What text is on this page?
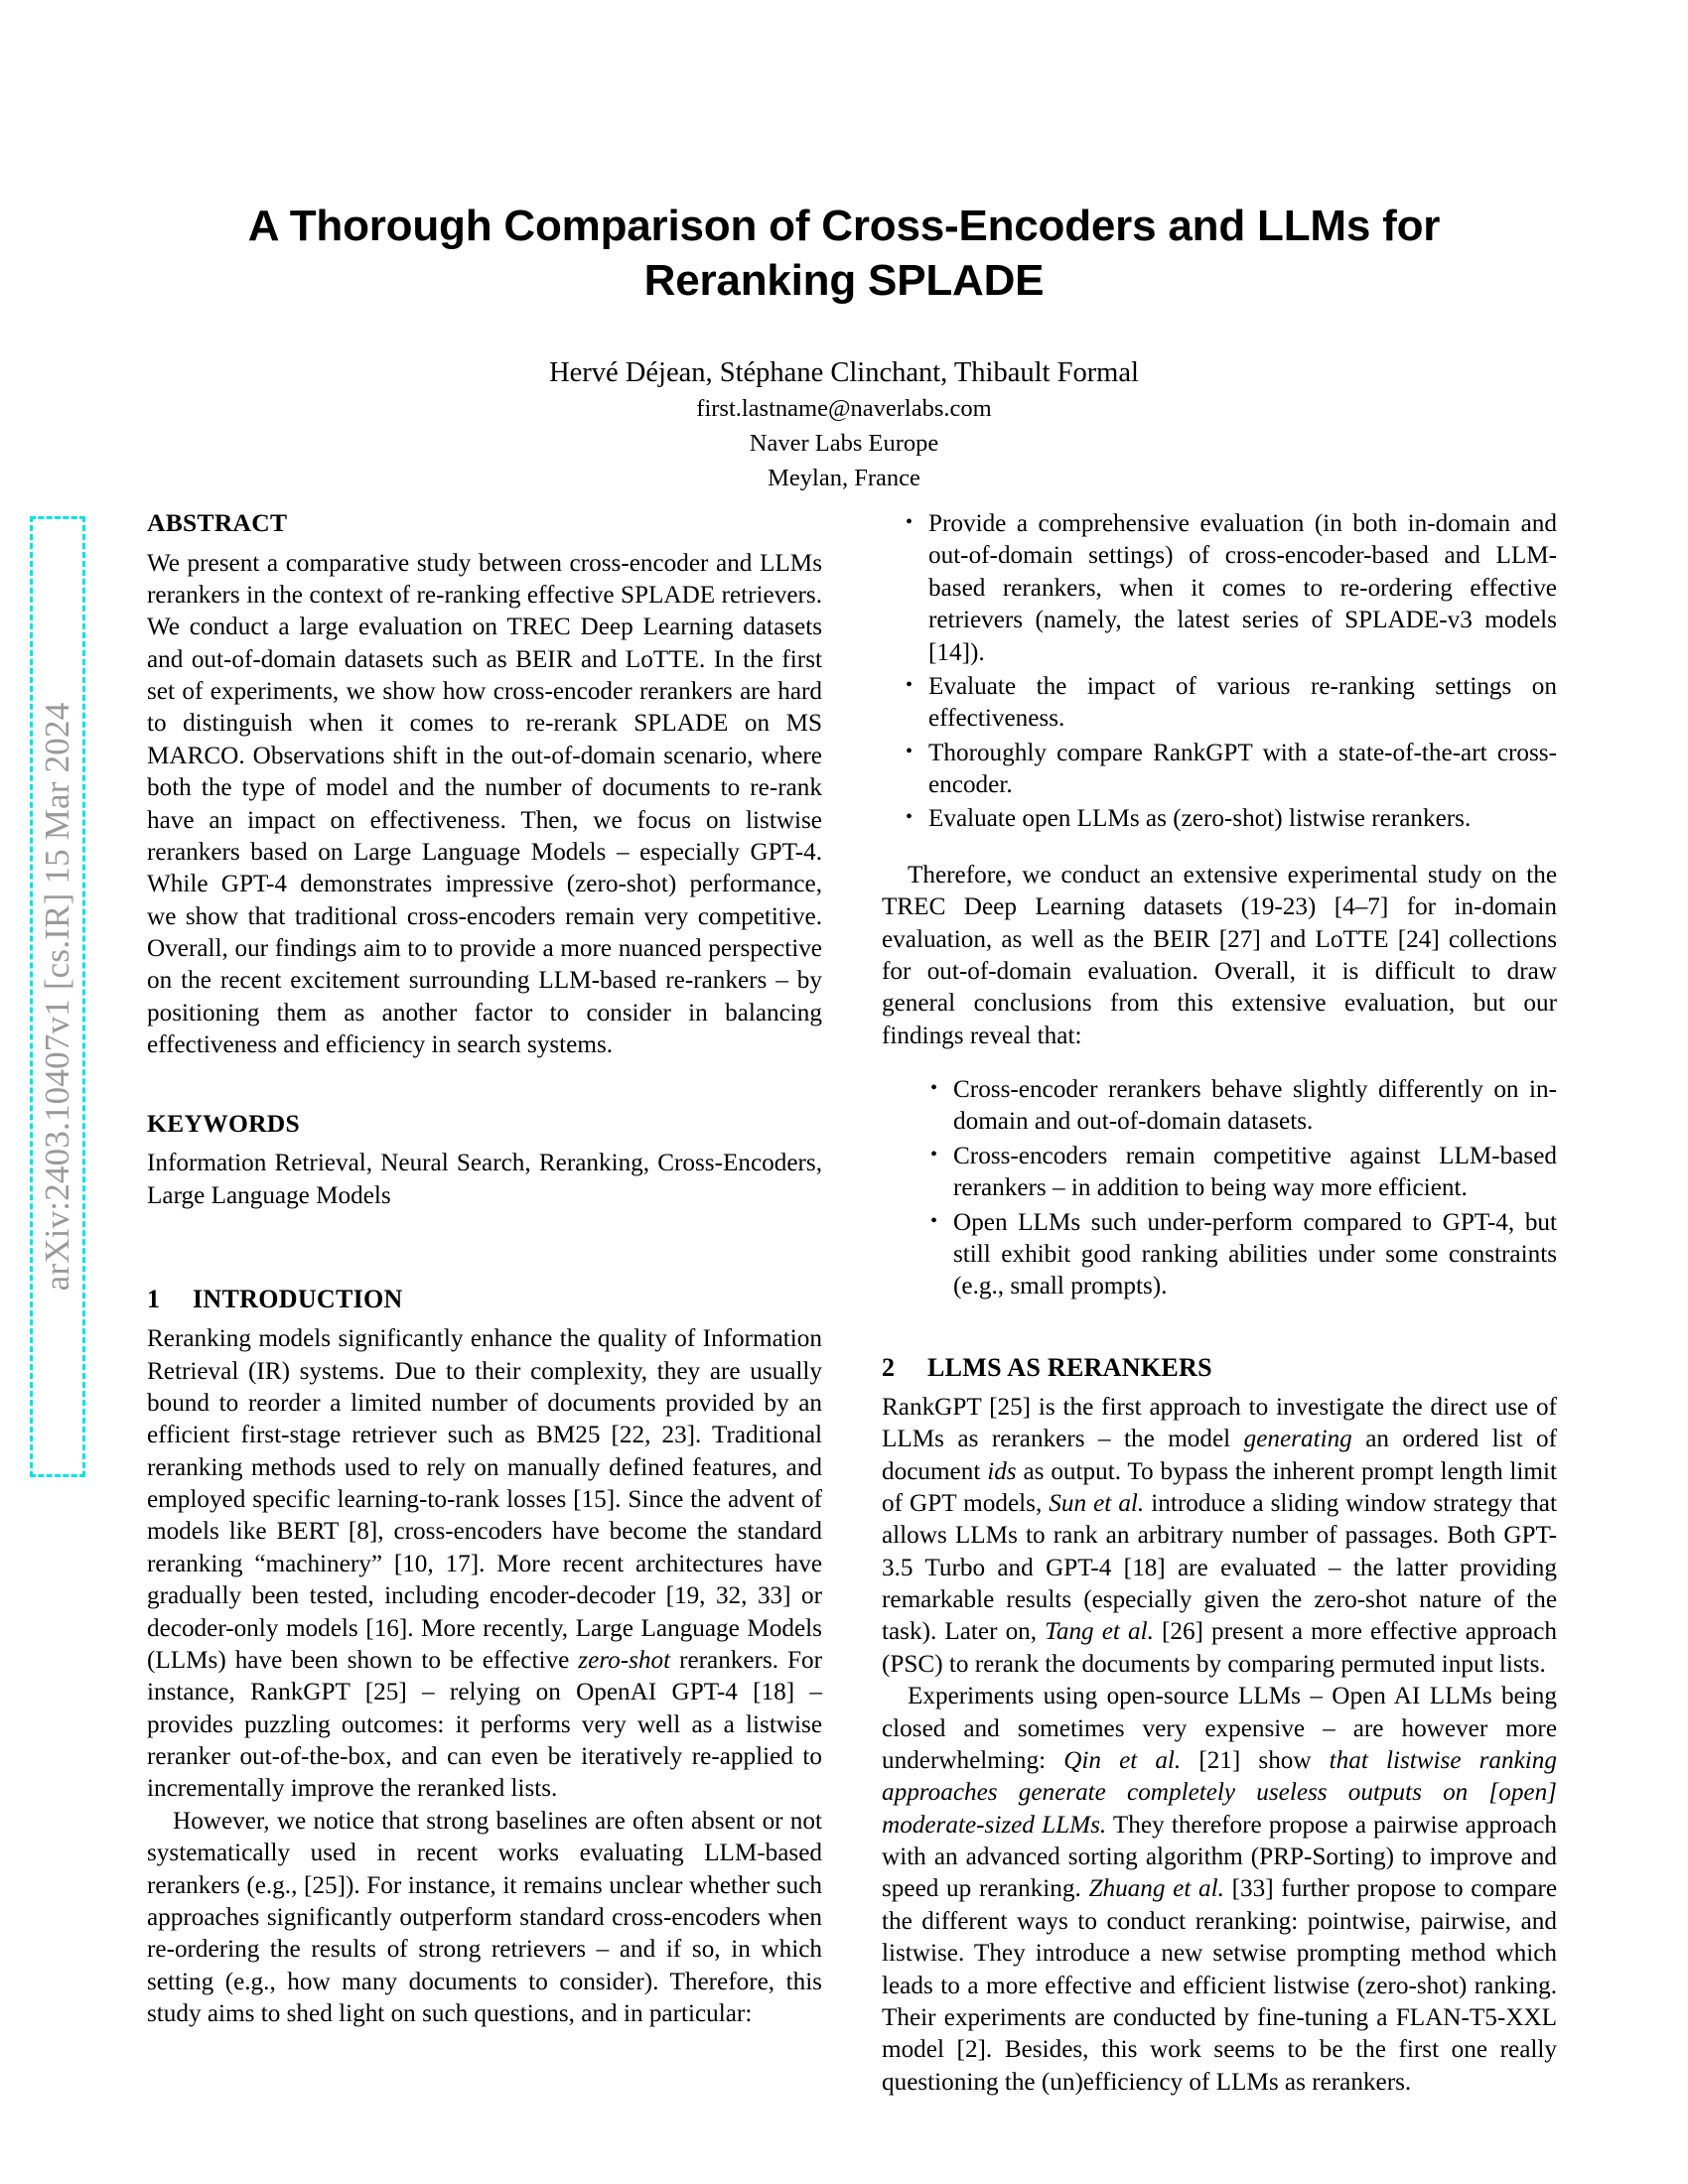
arXiv:2403.10407v1 [cs.IR] 15 Mar 2024
A Thorough Comparison of Cross-Encoders and LLMs for Reranking SPLADE
Hervé Déjean, Stéphane Clinchant, Thibault Formal
first.lastname@naverlabs.com
Naver Labs Europe
Meylan, France
ABSTRACT

We present a comparative study between cross-encoder and LLMs rerankers in the context of re-ranking effective SPLADE retrievers. We conduct a large evaluation on TREC Deep Learning datasets and out-of-domain datasets such as BEIR and LoTTE. In the first set of experiments, we show how cross-encoder rerankers are hard to distinguish when it comes to re-rerank SPLADE on MS MARCO. Observations shift in the out-of-domain scenario, where both the type of model and the number of documents to re-rank have an impact on effectiveness. Then, we focus on listwise rerankers based on Large Language Models – especially GPT-4. While GPT-4 demonstrates impressive (zero-shot) performance, we show that traditional cross-encoders remain very competitive. Overall, our findings aim to to provide a more nuanced perspective on the recent excitement surrounding LLM-based re-rankers – by positioning them as another factor to consider in balancing effectiveness and efficiency in search systems.

KEYWORDS

Information Retrieval, Neural Search, Reranking, Cross-Encoders, Large Language Models

1 INTRODUCTION

Reranking models significantly enhance the quality of Information Retrieval (IR) systems. Due to their complexity, they are usually bound to reorder a limited number of documents provided by an efficient first-stage retriever such as BM25 [22, 23]. Traditional reranking methods used to rely on manually defined features, and employed specific learning-to-rank losses [15]. Since the advent of models like BERT [8], cross-encoders have become the standard reranking “machinery” [10, 17]. More recent architectures have gradually been tested, including encoder-decoder [19, 32, 33] or decoder-only models [16]. More recently, Large Language Models (LLMs) have been shown to be effective zero-shot rerankers. For instance, RankGPT [25] – relying on OpenAI GPT-4 [18] – provides puzzling outcomes: it performs very well as a listwise reranker out-of-the-box, and can even be iteratively re-applied to incrementally improve the reranked lists.

However, we notice that strong baselines are often absent or not systematically used in recent works evaluating LLM-based rerankers (e.g., [25]). For instance, it remains unclear whether such approaches significantly outperform standard cross-encoders when re-ordering the results of strong retrievers – and if so, in which setting (e.g., how many documents to consider). Therefore, this study aims to shed light on such questions, and in particular:

• Provide a comprehensive evaluation (in both in-domain and out-of-domain settings) of cross-encoder-based and LLM-based rerankers, when it comes to re-ordering effective retrievers (namely, the latest series of SPLADE-v3 models [14]).
• Evaluate the impact of various re-ranking settings on effectiveness.
• Thoroughly compare RankGPT with a state-of-the-art cross-encoder.
• Evaluate open LLMs as (zero-shot) listwise rerankers.

Therefore, we conduct an extensive experimental study on the TREC Deep Learning datasets (19-23) [4–7] for in-domain evaluation, as well as the BEIR [27] and LoTTE [24] collections for out-of-domain evaluation. Overall, it is difficult to draw general conclusions from this extensive evaluation, but our findings reveal that:

• Cross-encoder rerankers behave slightly differently on in-domain and out-of-domain datasets.
• Cross-encoders remain competitive against LLM-based rerankers – in addition to being way more efficient.
• Open LLMs such under-perform compared to GPT-4, but still exhibit good ranking abilities under some constraints (e.g., small prompts).
2 LLMS AS RERANKERS

RankGPT [25] is the first approach to investigate the direct use of LLMs as rerankers – the model generating an ordered list of document ids as output. To bypass the inherent prompt length limit of GPT models, Sun et al. introduce a sliding window strategy that allows LLMs to rank an arbitrary number of passages. Both GPT-3.5 Turbo and GPT-4 [18] are evaluated – the latter providing remarkable results (especially given the zero-shot nature of the task). Later on, Tang et al. [26] present a more effective approach (PSC) to rerank the documents by comparing permuted input lists.

Experiments using open-source LLMs – Open AI LLMs being closed and sometimes very expensive – are however more underwhelming: Qin et al. [21] show that listwise ranking approaches generate completely useless outputs on [open] moderate-sized LLMs. They therefore propose a pairwise approach with an advanced sorting algorithm (PRP-Sorting) to improve and speed up reranking. Zhuang et al. [33] further propose to compare the different ways to conduct reranking: pointwise, pairwise, and listwise. They introduce a new setwise prompting method which leads to a more effective and efficient listwise (zero-shot) ranking. Their experiments are conducted by fine-tuning a FLAN-T5-XXL model [2]. Besides, this work seems to be the first one really questioning the (un)efficiency of LLMs as rerankers.
